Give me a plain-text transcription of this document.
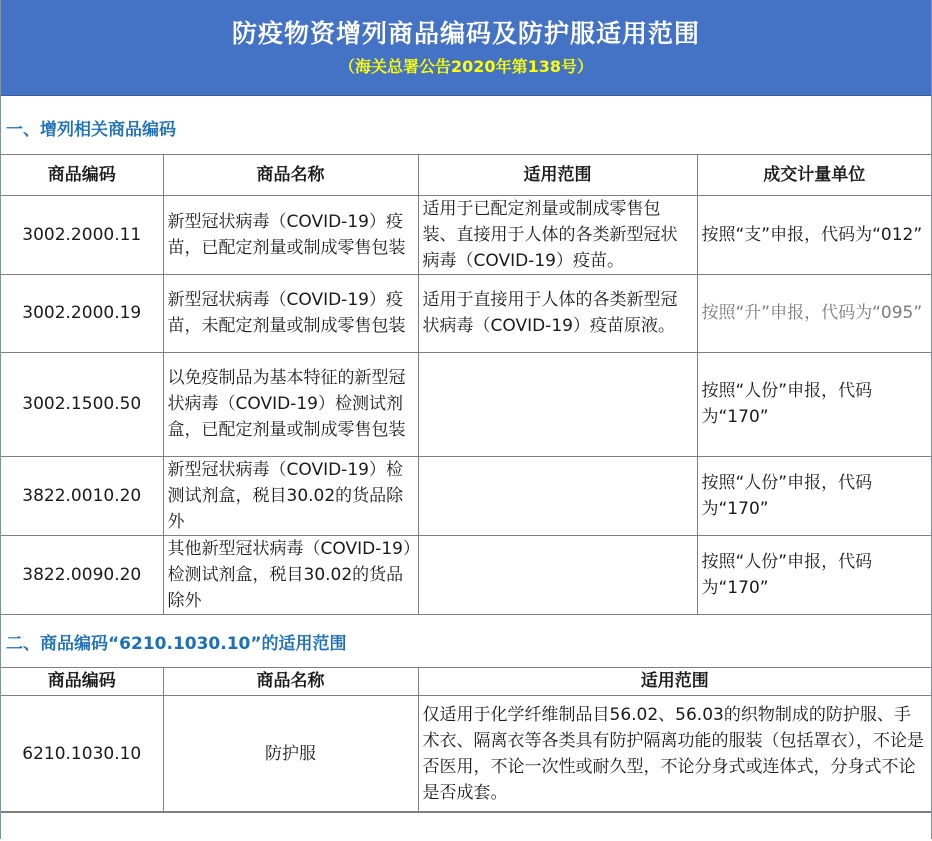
防疫物资增列商品编码及防护服适用范围
（海关总署公告2020年第138号）
一、增列相关商品编码
商品编码	商品名称	适用范围	成交计量单位
3002.2000.11	新型冠状病毒（COVID-19）疫苗，已配定剂量或制成零售包装	适用于已配定剂量或制成零售包装、直接用于人体的各类新型冠状病毒（COVID-19）疫苗。	按照“支”申报，代码为“012”
3002.2000.19	新型冠状病毒（COVID-19）疫苗，未配定剂量或制成零售包装	适用于直接用于人体的各类新型冠状病毒（COVID-19）疫苗原液。	按照“升”申报，代码为“095”
3002.1500.50	以免疫制品为基本特征的新型冠状病毒（COVID-19）检测试剂盒，已配定剂量或制成零售包装		按照“人份”申报，代码为“170”
3822.0010.20	新型冠状病毒（COVID-19）检测试剂盒，税目30.02的货品除外		按照“人份”申报，代码为“170”
3822.0090.20	其他新型冠状病毒（COVID-19）检测试剂盒，税目30.02的货品除外		按照“人份”申报，代码为“170”
二、商品编码“6210.1030.10”的适用范围
商品编码	商品名称	适用范围
6210.1030.10	防护服	仅适用于化学纤维制品目56.02、56.03的织物制成的防护服、手术衣、隔离衣等各类具有防护隔离功能的服装（包括罩衣），不论是否医用，不论一次性或耐久型，不论分身式或连体式，分身式不论是否成套。
